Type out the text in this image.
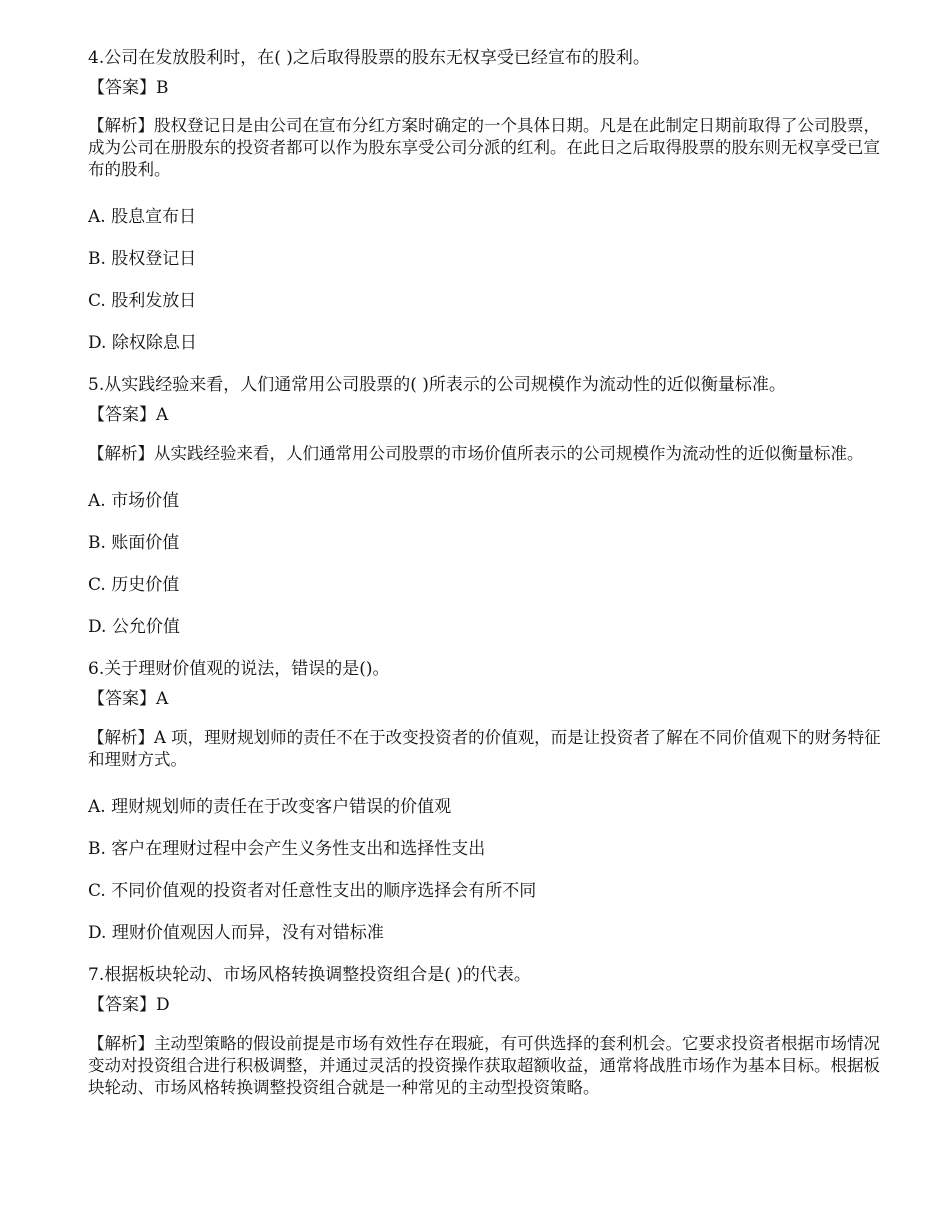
4.公司在发放股利时，在( )之后取得股票的股东无权享受已经宣布的股利。

【答案】B

【解析】股权登记日是由公司在宣布分红方案时确定的一个具体日期。凡是在此制定日期前取得了公司股票，成为公司在册股东的投资者都可以作为股东享受公司分派的红利。在此日之后取得股票的股东则无权享受已宣布的股利。

A. 股息宣布日
B. 股权登记日
C. 股利发放日
D. 除权除息日

5.从实践经验来看，人们通常用公司股票的( )所表示的公司规模作为流动性的近似衡量标准。

【答案】A

【解析】从实践经验来看，人们通常用公司股票的市场价值所表示的公司规模作为流动性的近似衡量标准。

A. 市场价值
B. 账面价值
C. 历史价值
D. 公允价值

6.关于理财价值观的说法，错误的是()。

【答案】A

【解析】A 项，理财规划师的责任不在于改变投资者的价值观，而是让投资者了解在不同价值观下的财务特征和理财方式。

A. 理财规划师的责任在于改变客户错误的价值观
B. 客户在理财过程中会产生义务性支出和选择性支出
C. 不同价值观的投资者对任意性支出的顺序选择会有所不同
D. 理财价值观因人而异，没有对错标准

7.根据板块轮动、市场风格转换调整投资组合是( )的代表。

【答案】D

【解析】主动型策略的假设前提是市场有效性存在瑕疵，有可供选择的套利机会。它要求投资者根据市场情况变动对投资组合进行积极调整，并通过灵活的投资操作获取超额收益，通常将战胜市场作为基本目标。根据板块轮动、市场风格转换调整投资组合就是一种常见的主动型投资策略。
